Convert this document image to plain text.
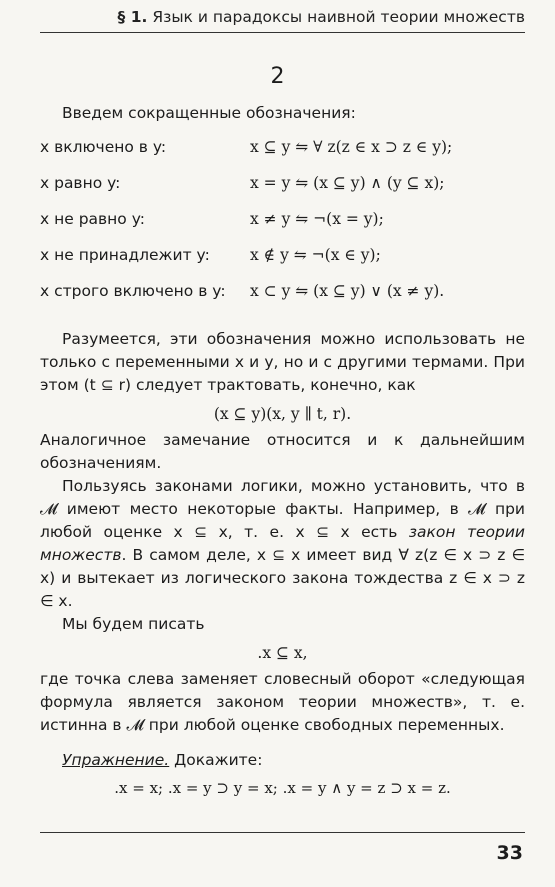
§ 1. Язык и парадоксы наивной теории множеств
2
Введем сокращенные обозначения:
x включено в y:	x ⊆ y ⇋ ∀ z(z ∈ x ⊃ z ∈ y);
x равно y:	x = y ⇋ (x ⊆ y) ∧ (y ⊆ x);
x не равно y:	x ≠ y ⇋ ¬(x = y);
x не принадлежит y:	x ∉ y ⇋ ¬(x ∈ y);
x строго включено в y:	x ⊂ y ⇋ (x ⊆ y) ∨ (x ≠ y).

Разумеется, эти обозначения можно использовать не только с переменными x и y, но и с другими термами. При этом (t ⊆ r) следует трактовать, конечно, как

(x ⊆ y)(x, y ∥ t, r).

Аналогичное замечание относится и к дальнейшим обозначениям.

Пользуясь законами логики, можно установить, что в 𝓜 имеют место некоторые факты. Например, в 𝓜 при любой оценке x ⊆ x, т. е. x ⊆ x есть закон теории множеств. В самом деле, x ⊆ x имеет вид ∀ z(z ∈ x ⊃ z ∈ x) и вытекает из логического закона тождества z ∈ x ⊃ z ∈ x.

Мы будем писать

.x ⊆ x,

где точка слева заменяет словесный оборот «следующая формула является законом теории множеств», т. е. истинна в 𝓜 при любой оценке свободных переменных.

Упражнение. Докажите:
.x = x; .x = y ⊃ y = x; .x = y ∧ y = z ⊃ x = z.
33
